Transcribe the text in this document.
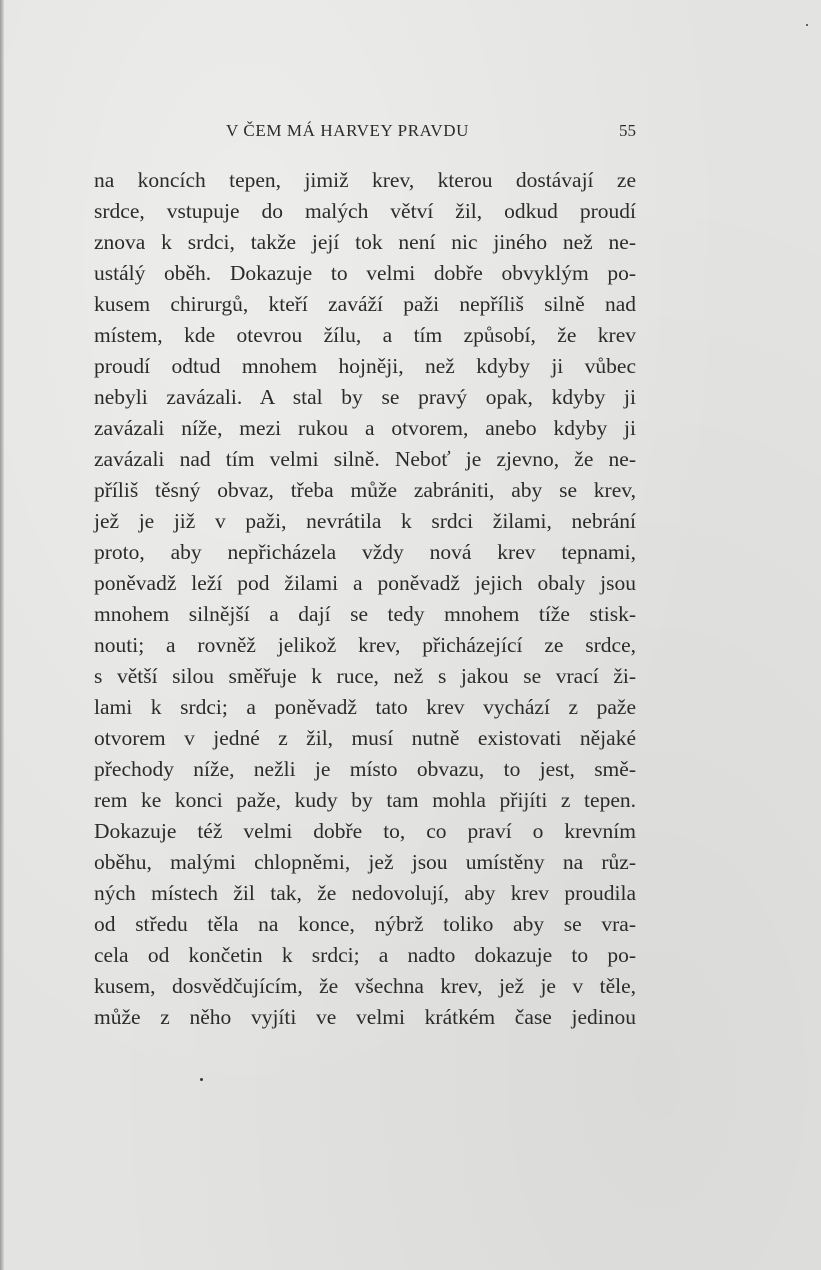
V ČEM MÁ HARVEY PRAVDU	55
na koncích tepen, jimiž krev, kterou dostávají ze
srdce, vstupuje do malých větví žil, odkud proudí
znova k srdci, takže její tok není nic jiného než ne-
ustálý oběh. Dokazuje to velmi dobře obvyklým po-
kusem chirurgů, kteří zaváží paži nepříliš silně nad
místem, kde otevrou žílu, a tím způsobí, že krev
proudí odtud mnohem hojněji, než kdyby ji vůbec
nebyli zavázali. A stal by se pravý opak, kdyby ji
zavázali níže, mezi rukou a otvorem, anebo kdyby ji
zavázali nad tím velmi silně. Neboť je zjevno, že ne-
příliš těsný obvaz, třeba může zabrániti, aby se krev,
jež je již v paži, nevrátila k srdci žilami, nebrání
proto, aby nepřicházela vždy nová krev tepnami,
poněvadž leží pod žilami a poněvadž jejich obaly jsou
mnohem silnější a dají se tedy mnohem tíže stisk-
nouti; a rovněž jelikož krev, přicházející ze srdce,
s větší silou směřuje k ruce, než s jakou se vrací ži-
lami k srdci; a poněvadž tato krev vychází z paže
otvorem v jedné z žil, musí nutně existovati nějaké
přechody níže, nežli je místo obvazu, to jest, smě-
rem ke konci paže, kudy by tam mohla přijíti z tepen.
Dokazuje též velmi dobře to, co praví o krevním
oběhu, malými chlopněmi, jež jsou umístěny na růz-
ných místech žil tak, že nedovolují, aby krev proudila
od středu těla na konce, nýbrž toliko aby se vra-
cela od končetin k srdci; a nadto dokazuje to po-
kusem, dosvědčujícím, že všechna krev, jež je v těle,
může z něho vyjíti ve velmi krátkém čase jedinou
